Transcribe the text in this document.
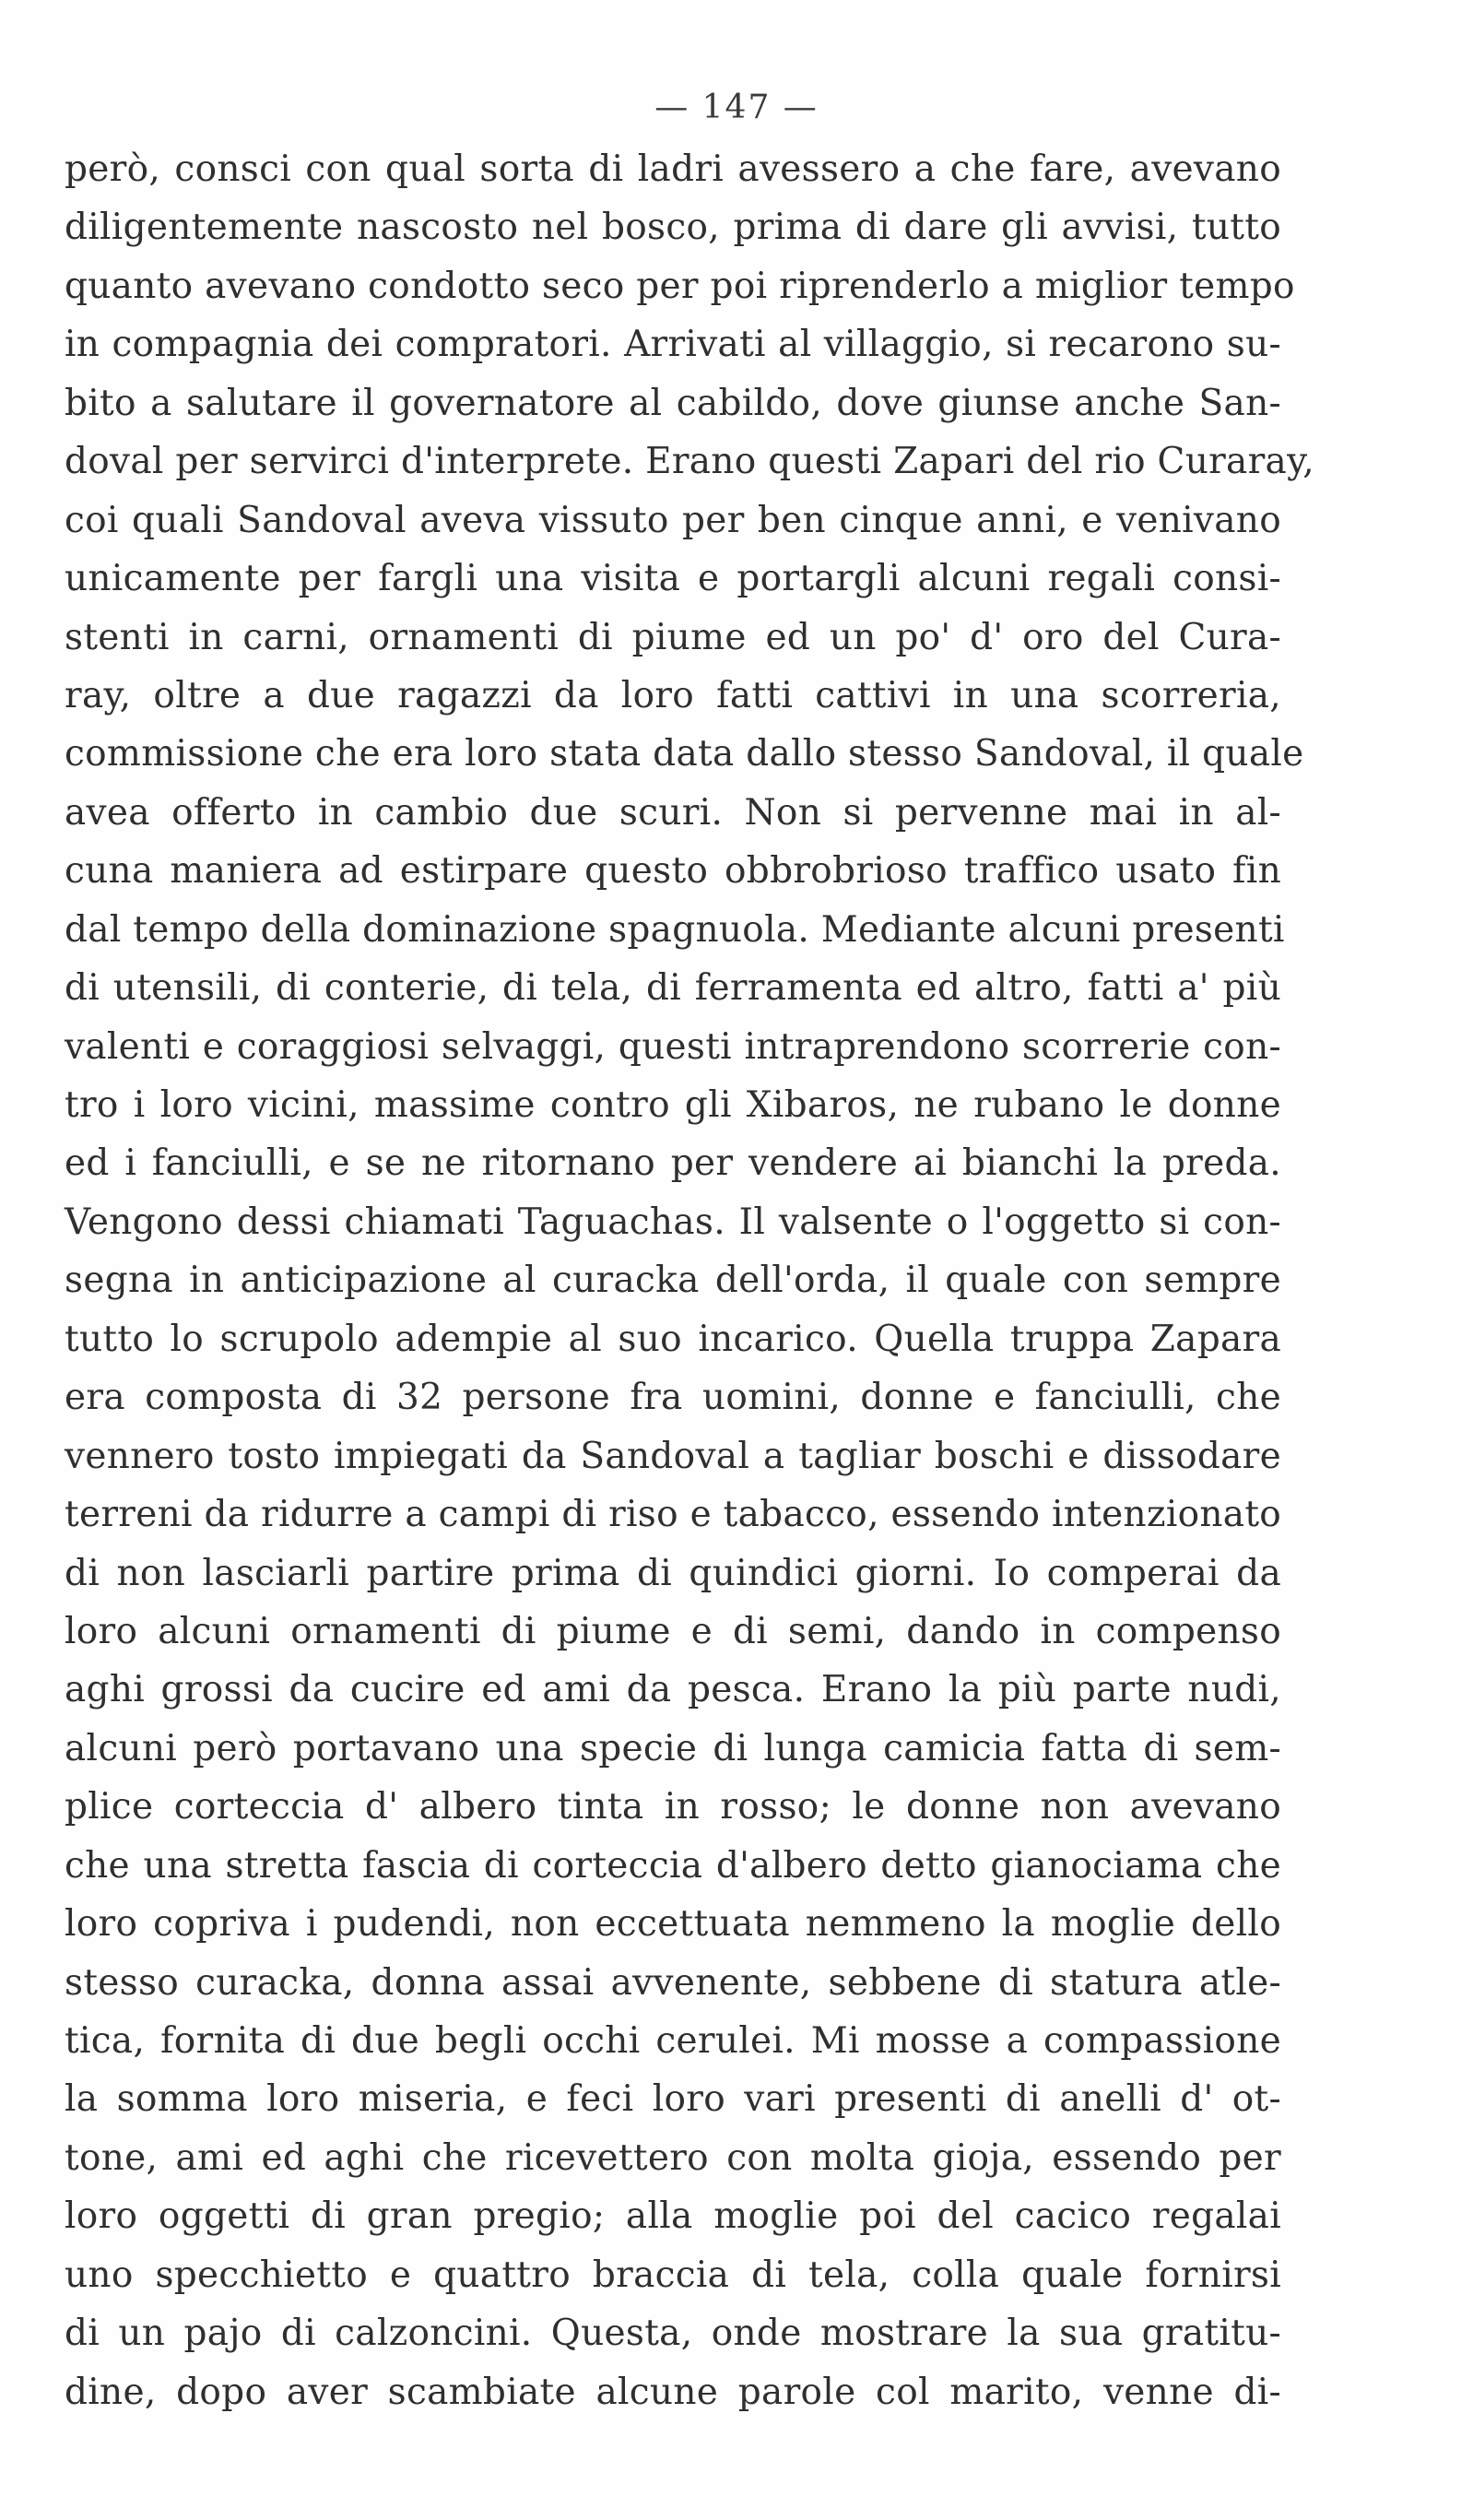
— 147 —
però, consci con qual sorta di ladri avessero a che fare, avevano
diligentemente nascosto nel bosco, prima di dare gli avvisi, tutto
quanto avevano condotto seco per poi riprenderlo a miglior tempo
in compagnia dei compratori. Arrivati al villaggio, si recarono su-
bito a salutare il governatore al cabildo, dove giunse anche San-
doval per servirci d'interprete. Erano questi Zapari del rio Curaray,
coi quali Sandoval aveva vissuto per ben cinque anni, e venivano
unicamente per fargli una visita e portargli alcuni regali consi-
stenti in carni, ornamenti di piume ed un po' d' oro del Cura-
ray, oltre a due ragazzi da loro fatti cattivi in una scorreria,
commissione che era loro stata data dallo stesso Sandoval, il quale
avea offerto in cambio due scuri. Non si pervenne mai in al-
cuna maniera ad estirpare questo obbrobrioso traffico usato fin
dal tempo della dominazione spagnuola. Mediante alcuni presenti
di utensili, di conterie, di tela, di ferramenta ed altro, fatti a' più
valenti e coraggiosi selvaggi, questi intraprendono scorrerie con-
tro i loro vicini, massime contro gli Xibaros, ne rubano le donne
ed i fanciulli, e se ne ritornano per vendere ai bianchi la preda.
Vengono dessi chiamati Taguachas. Il valsente o l'oggetto si con-
segna in anticipazione al curacka dell'orda, il quale con sempre
tutto lo scrupolo adempie al suo incarico. Quella truppa Zapara
era composta di 32 persone fra uomini, donne e fanciulli, che
vennero tosto impiegati da Sandoval a tagliar boschi e dissodare
terreni da ridurre a campi di riso e tabacco, essendo intenzionato
di non lasciarli partire prima di quindici giorni. Io comperai da
loro alcuni ornamenti di piume e di semi, dando in compenso
aghi grossi da cucire ed ami da pesca. Erano la più parte nudi,
alcuni però portavano una specie di lunga camicia fatta di sem-
plice corteccia d' albero tinta in rosso; le donne non avevano
che una stretta fascia di corteccia d'albero detto gianociama che
loro copriva i pudendi, non eccettuata nemmeno la moglie dello
stesso curacka, donna assai avvenente, sebbene di statura atle-
tica, fornita di due begli occhi cerulei. Mi mosse a compassione
la somma loro miseria, e feci loro vari presenti di anelli d' ot-
tone, ami ed aghi che ricevettero con molta gioja, essendo per
loro oggetti di gran pregio; alla moglie poi del cacico regalai
uno specchietto e quattro braccia di tela, colla quale fornirsi
di un pajo di calzoncini. Questa, onde mostrare la sua gratitu-
dine, dopo aver scambiate alcune parole col marito, venne di-
